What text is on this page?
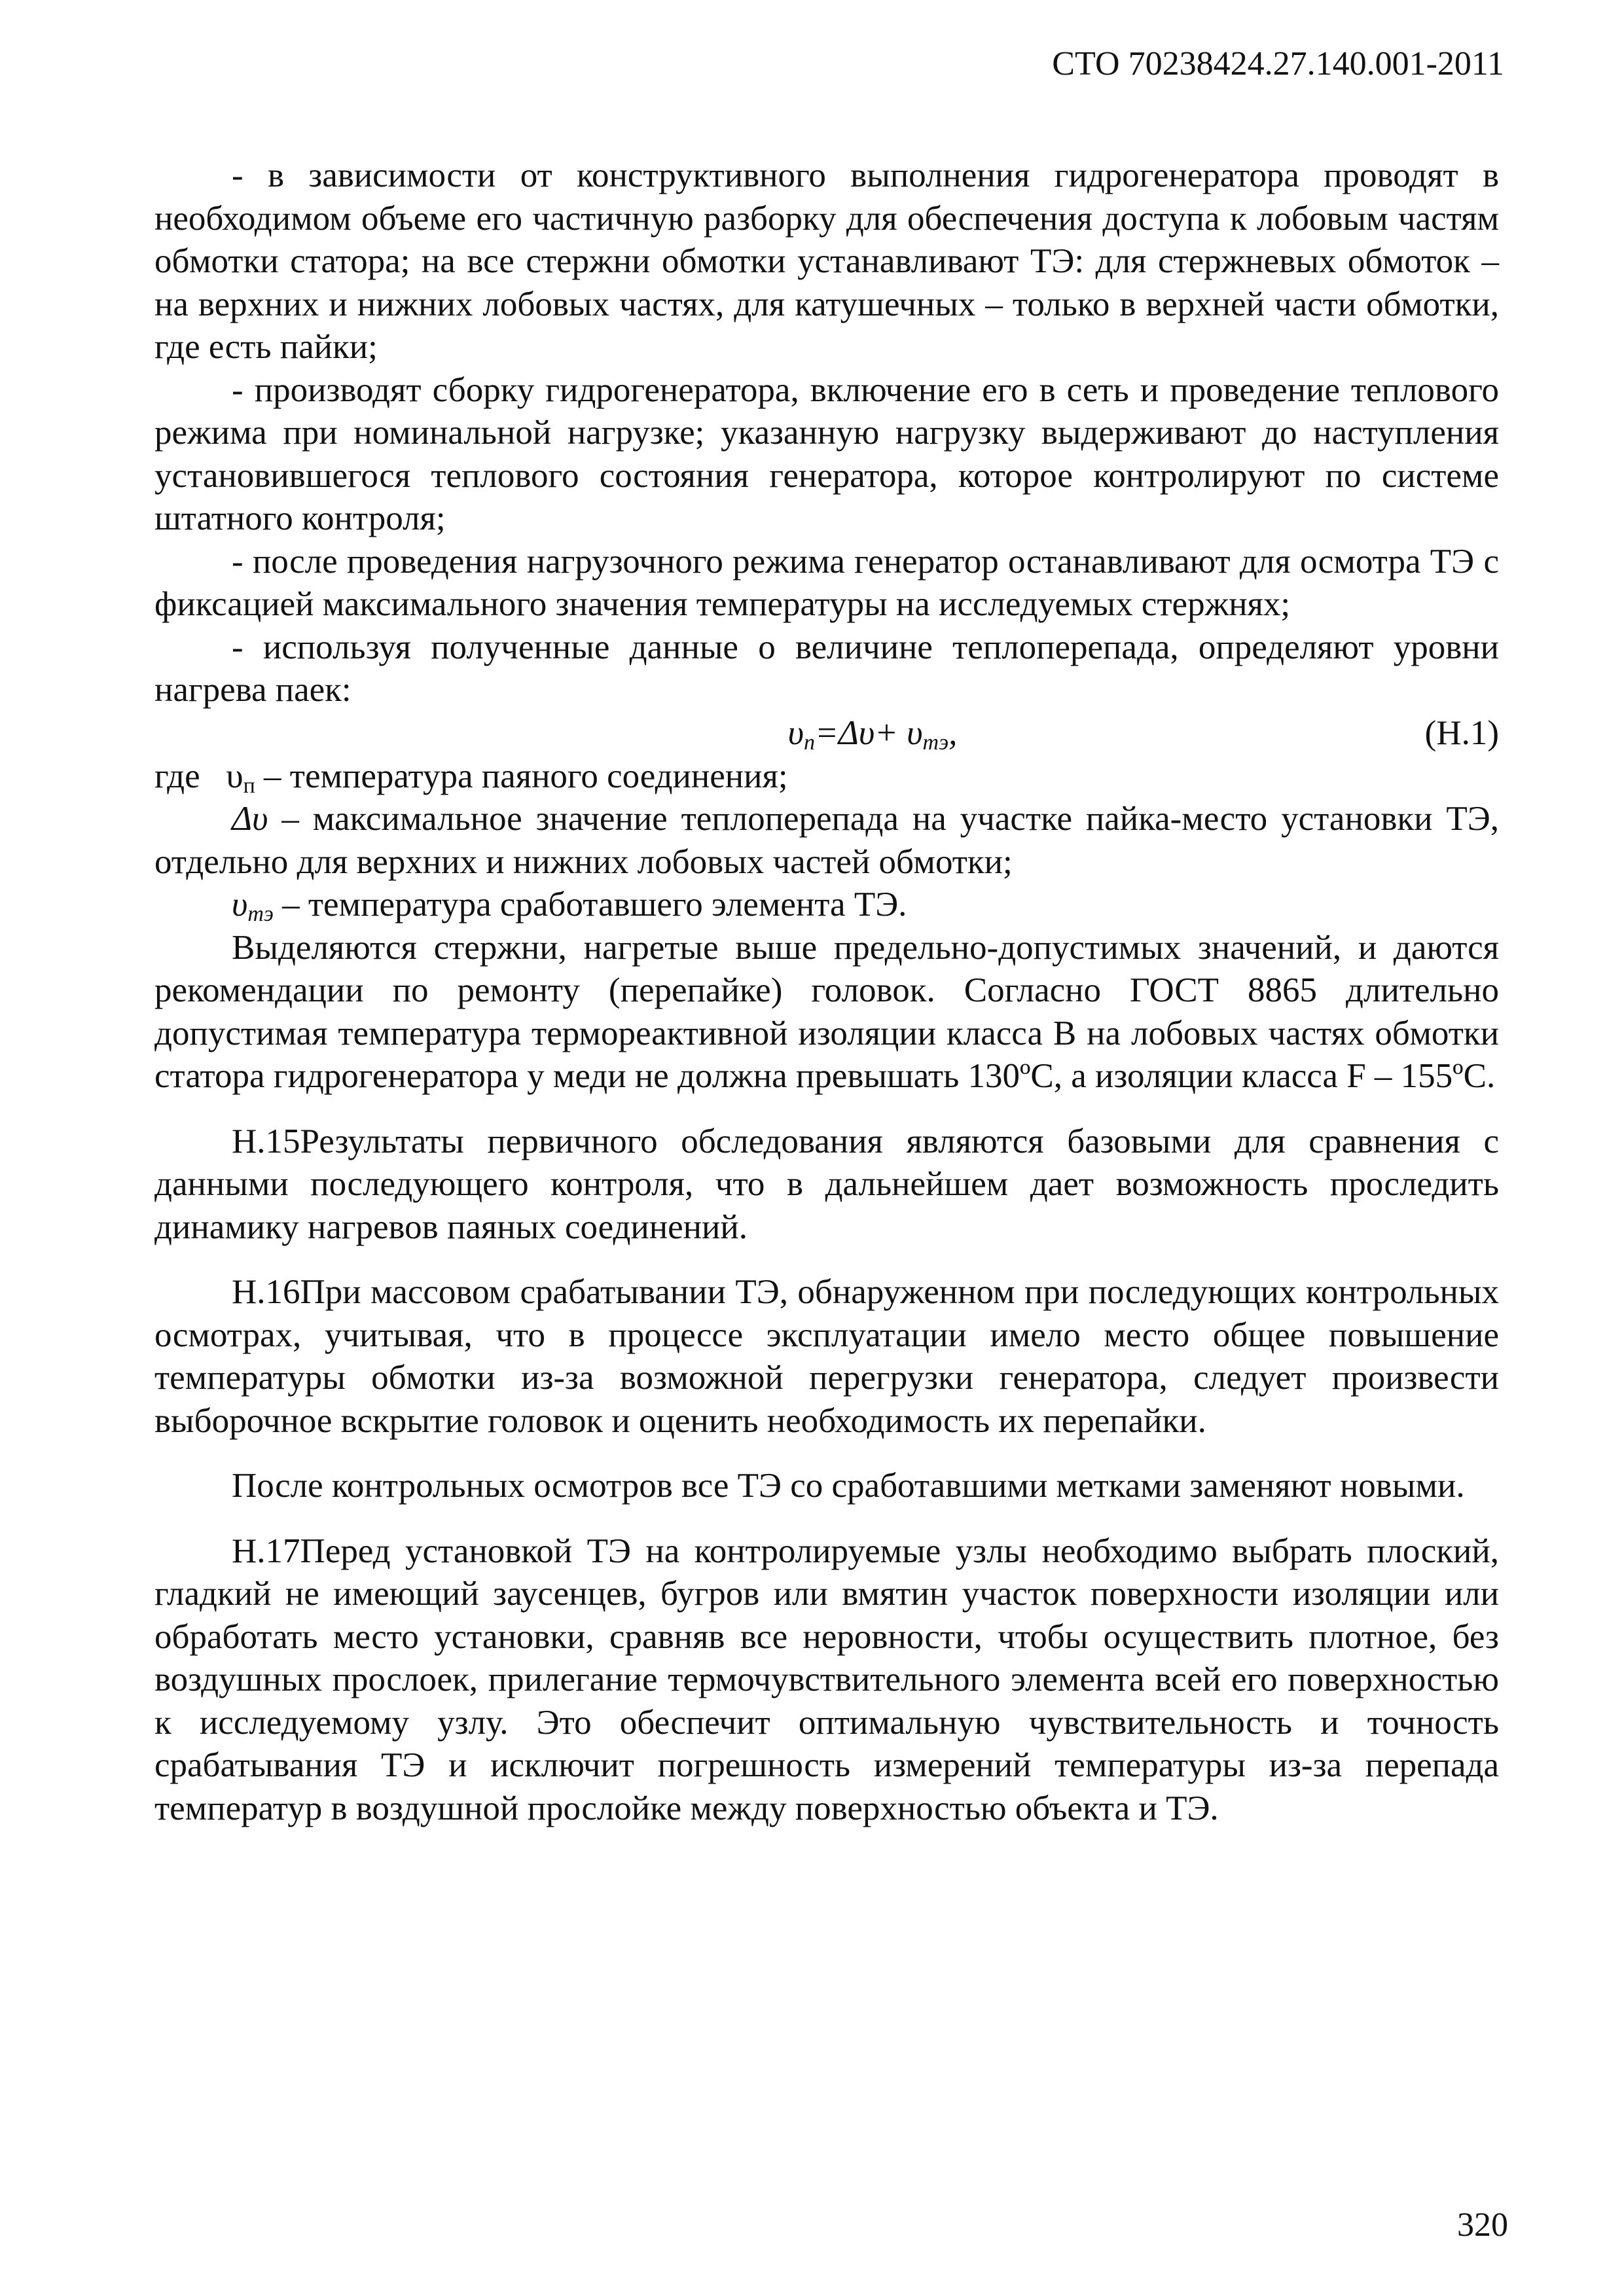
СТО 70238424.27.140.001-2011

- в зависимости от конструктивного выполнения гидрогенератора проводят в необходимом объеме его частичную разборку для обеспечения доступа к лобовым частям обмотки статора; на все стержни обмотки устанавливают ТЭ: для стержневых обмоток – на верхних и нижних лобовых частях, для катушечных – только в верхней части обмотки, где есть пайки;

- производят сборку гидрогенератора, включение его в сеть и проведение теплового режима при номинальной нагрузке; указанную нагрузку выдерживают до наступления установившегося теплового состояния генератора, которое контролируют по системе штатного контроля;

- после проведения нагрузочного режима генератор останавливают для осмотра ТЭ с фиксацией максимального значения температуры на исследуемых стержнях;

- используя полученные данные о величине теплоперепада, определяют уровни нагрева паек:

$\upsilon_п=\Delta\upsilon+ \upsilon_{тэ}$,	(Н.1)

где $\upsilon_п$ – температура паяного соединения;

Δυ – максимальное значение теплоперепада на участке пайка-место установки ТЭ, отдельно для верхних и нижних лобовых частей обмотки;

$\upsilon_{тэ}$ – температура сработавшего элемента ТЭ.

Выделяются стержни, нагретые выше предельно-допустимых значений, и даются рекомендации по ремонту (перепайке) головок. Согласно ГОСТ 8865 длительно допустимая температура термореактивной изоляции класса В на лобовых частях обмотки статора гидрогенератора у меди не должна превышать 130ºС, а изоляции класса F – 155ºС.

Н.15Результаты первичного обследования являются базовыми для сравнения с данными последующего контроля, что в дальнейшем дает возможность проследить динамику нагревов паяных соединений.

Н.16При массовом срабатывании ТЭ, обнаруженном при последующих контрольных осмотрах, учитывая, что в процессе эксплуатации имело место общее повышение температуры обмотки из-за возможной перегрузки генератора, следует произвести выборочное вскрытие головок и оценить необходимость их перепайки.

После контрольных осмотров все ТЭ со сработавшими метками заменяют новыми.

Н.17Перед установкой ТЭ на контролируемые узлы необходимо выбрать плоский, гладкий не имеющий заусенцев, бугров или вмятин участок поверхности изоляции или обработать место установки, сравняв все неровности, чтобы осуществить плотное, без воздушных прослоек, прилегание термочувствительного элемента всей его поверхностью к исследуемому узлу. Это обеспечит оптимальную чувствительность и точность срабатывания ТЭ и исключит погрешность измерений температуры из-за перепада температур в воздушной прослойке между поверхностью объекта и ТЭ.

320
